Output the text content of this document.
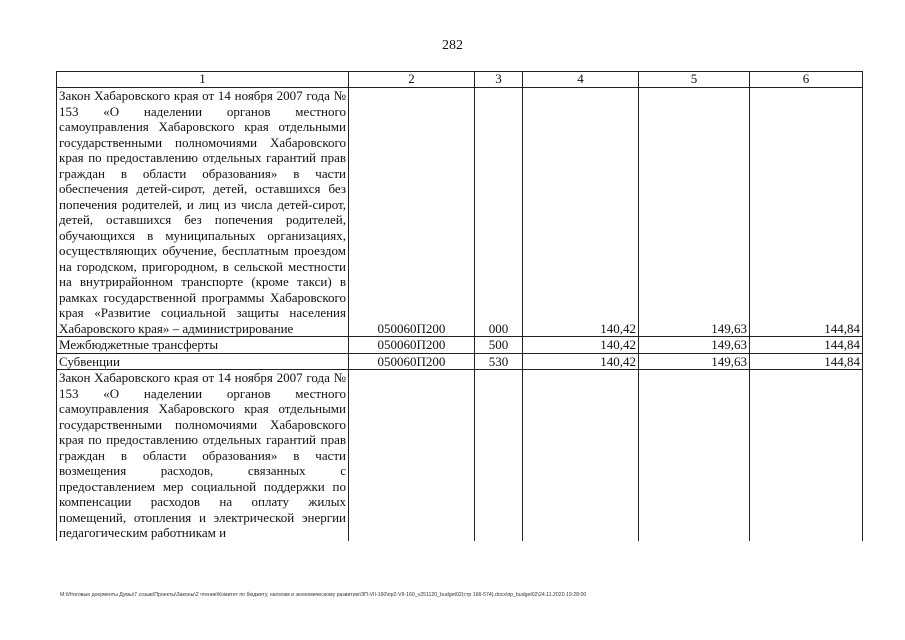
282
1	2	3	4	5	6
Закон Хабаровского края от 14 ноября 2007 года № 153 «О наделении органов местного самоуправления Хабаровского края отдельными государственными полномочиями Хабаровского края по предоставлению отдельных гарантий прав граждан в области образования» в части обеспечения детей-сирот, детей, оставшихся без попечения родителей, и лиц из числа детей-сирот, детей, оставшихся без попечения родителей, обучающихся в муниципальных организациях, осуществляющих обучение, бесплатным проездом на городском, пригородном, в сельской местности на внутрирайонном транспорте (кроме такси) в рамках государственной программы Хабаровского края «Развитие социальной защиты населения Хабаровского края» – администрирование	050060П200	000	140,42	149,63	144,84
Межбюджетные трансферты	050060П200	500	140,42	149,63	144,84
Субвенции	050060П200	530	140,42	149,63	144,84
Закон Хабаровского края от 14 ноября 2007 года № 153 «О наделении органов местного самоуправления Хабаровского края отдельными государственными полномочиями Хабаровского края по предоставлению отдельных гарантий прав граждан в области образования» в части возмещения расходов, связанных с предоставлением мер социальной поддержки по компенсации расходов на оплату жилых помещений, отопления и электрической энергии педагогическим работникам и					
M:\Итоговые документы Думы\7 созыв\Проекты\Законы\2 чтение\Комитет по бюджету, налогам и экономическому развитию\ЗП-VII-160\пр2-VII-160_v251120_budget02(стр 166-574).docx\пр_budget02\24.11.2020 19:28:00
